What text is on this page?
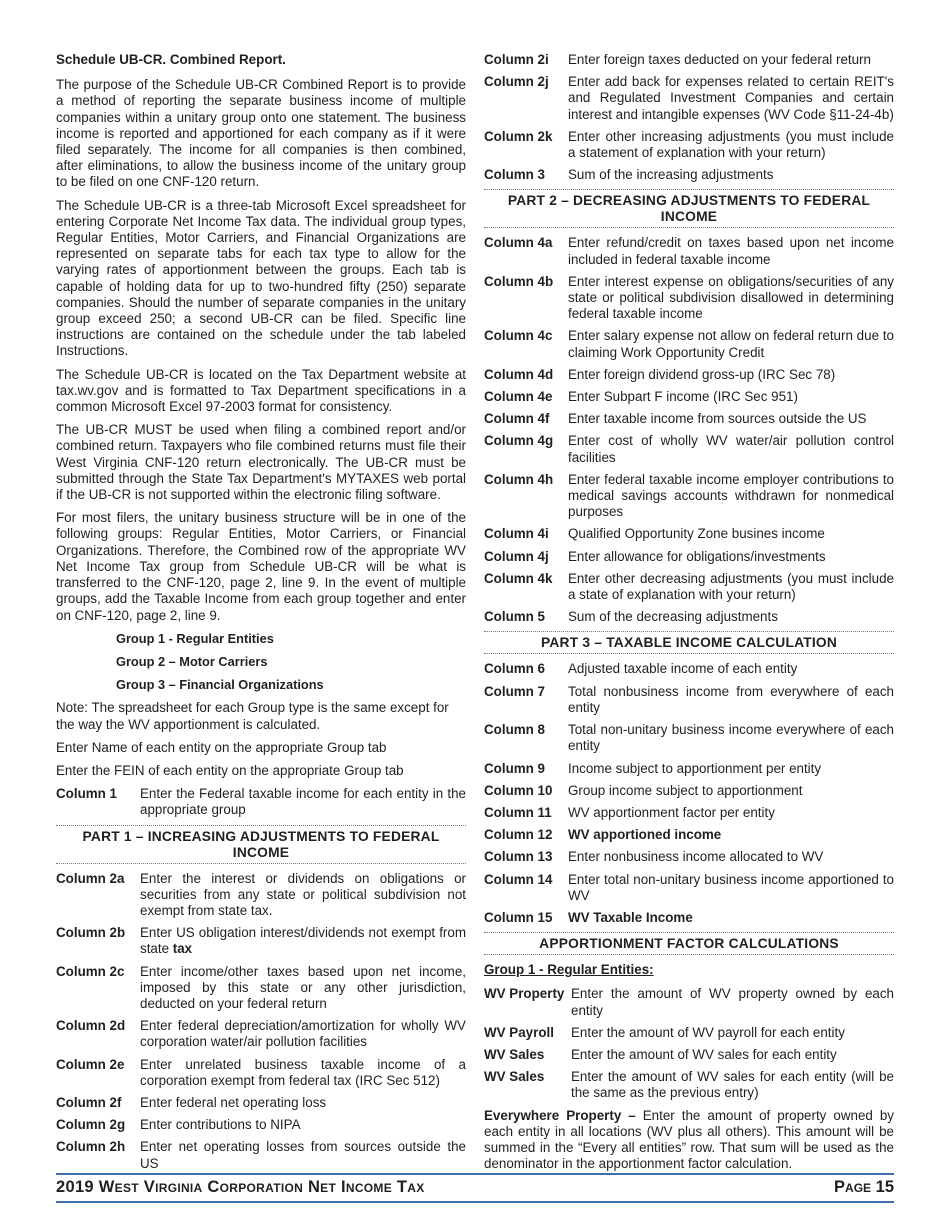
Schedule UB-CR. Combined Report.

The purpose of the Schedule UB-CR Combined Report is to provide a method of reporting the separate business income of multiple companies within a unitary group onto one statement. The business income is reported and apportioned for each company as if it were filed separately. The income for all companies is then combined, after eliminations, to allow the business income of the unitary group to be filed on one CNF-120 return.

The Schedule UB-CR is a three-tab Microsoft Excel spreadsheet for entering Corporate Net Income Tax data. The individual group types, Regular Entities, Motor Carriers, and Financial Organizations are represented on separate tabs for each tax type to allow for the varying rates of apportionment between the groups. Each tab is capable of holding data for up to two-hundred fifty (250) separate companies. Should the number of separate companies in the unitary group exceed 250; a second UB-CR can be filed. Specific line instructions are contained on the schedule under the tab labeled Instructions.

The Schedule UB-CR is located on the Tax Department website at tax.wv.gov and is formatted to Tax Department specifications in a common Microsoft Excel 97-2003 format for consistency.

The UB-CR MUST be used when filing a combined report and/or combined return. Taxpayers who file combined returns must file their West Virginia CNF-120 return electronically. The UB-CR must be submitted through the State Tax Department's MYTAXES web portal if the UB-CR is not supported within the electronic filing software.

For most filers, the unitary business structure will be in one of the following groups: Regular Entities, Motor Carriers, or Financial Organizations. Therefore, the Combined row of the appropriate WV Net Income Tax group from Schedule UB-CR will be what is transferred to the CNF-120, page 2, line 9. In the event of multiple groups, add the Taxable Income from each group together and enter on CNF-120, page 2, line 9.

Group 1 - Regular Entities
Group 2 – Motor Carriers
Group 3 – Financial Organizations

Note: The spreadsheet for each Group type is the same except for the way the WV apportionment is calculated.

Enter Name of each entity on the appropriate Group tab

Enter the FEIN of each entity on the appropriate Group tab

Column 1	Enter the Federal taxable income for each entity in the appropriate group
PART 1 – INCREASING ADJUSTMENTS TO FEDERAL INCOME
Column 2a	Enter the interest or dividends on obligations or securities from any state or political subdivision not exempt from state tax.
Column 2b	Enter US obligation interest/dividends not exempt from state tax
Column 2c	Enter income/other taxes based upon net income, imposed by this state or any other jurisdiction, deducted on your federal return
Column 2d	Enter federal depreciation/amortization for wholly WV corporation water/air pollution facilities
Column 2e	Enter unrelated business taxable income of a corporation exempt from federal tax (IRC Sec 512)
Column 2f	Enter federal net operating loss
Column 2g	Enter contributions to NIPA
Column 2h	Enter net operating losses from sources outside the US
Column 2i	Enter foreign taxes deducted on your federal return
Column 2j	Enter add back for expenses related to certain REIT's and Regulated Investment Companies and certain interest and intangible expenses (WV Code §11-24-4b)
Column 2k	Enter other increasing adjustments (you must include a statement of explanation with your return)
Column 3	Sum of the increasing adjustments
PART 2 – DECREASING ADJUSTMENTS TO FEDERAL INCOME
Column 4a	Enter refund/credit on taxes based upon net income included in federal taxable income
Column 4b	Enter interest expense on obligations/securities of any state or political subdivision disallowed in determining federal taxable income
Column 4c	Enter salary expense not allow on federal return due to claiming Work Opportunity Credit
Column 4d	Enter foreign dividend gross-up (IRC Sec 78)
Column 4e	Enter Subpart F income (IRC Sec 951)
Column 4f	Enter taxable income from sources outside the US
Column 4g	Enter cost of wholly WV water/air pollution control facilities
Column 4h	Enter federal taxable income employer contributions to medical savings accounts withdrawn for nonmedical purposes
Column 4i	Qualified Opportunity Zone busines income
Column 4j	Enter allowance for obligations/investments
Column 4k	Enter other decreasing adjustments (you must include a state of explanation with your return)
Column 5	Sum of the decreasing adjustments
PART 3 – TAXABLE INCOME CALCULATION
Column 6	Adjusted taxable income of each entity
Column 7	Total nonbusiness income from everywhere of each entity
Column 8	Total non-unitary business income everywhere of each entity
Column 9	Income subject to apportionment per entity
Column 10	Group income subject to apportionment
Column 11	WV apportionment factor per entity
Column 12	WV apportioned income
Column 13	Enter nonbusiness income allocated to WV
Column 14	Enter total non-unitary business income apportioned to WV
Column 15	WV Taxable Income
APPORTIONMENT FACTOR CALCULATIONS
Group 1 - Regular Entities:
WV Property Enter the amount of WV property owned by each entity
WV Payroll	Enter the amount of WV payroll for each entity
WV Sales	Enter the amount of WV sales for each entity
WV Sales	Enter the amount of WV sales for each entity (will be the same as the previous entry)

Everywhere Property – Enter the amount of property owned by each entity in all locations (WV plus all others). This amount will be summed in the “Every all entities” row. That sum will be used as the denominator in the apportionment factor calculation.

2019 West Virginia Corporation Net Income Tax	Page 15
